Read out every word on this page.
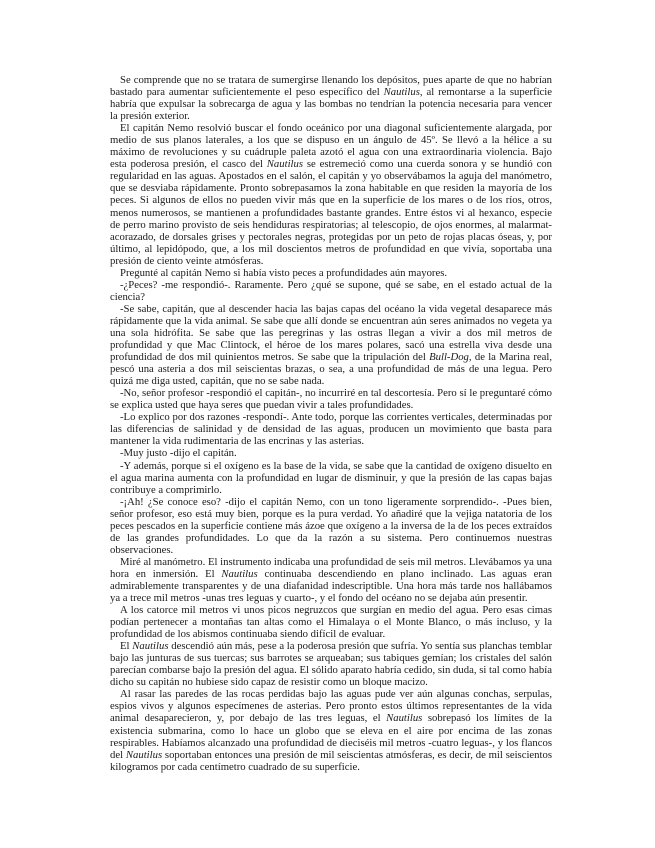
Se comprende que no se tratara de sumergirse llenando los depósitos, pues aparte de que no habrían bastado para aumentar suficientemente el peso específico del Nautilus, al remontarse a la superficie habría que expulsar la sobrecarga de agua y las bombas no tendrían la potencia necesaria para vencer la presión exterior.

El capitán Nemo resolvió buscar el fondo oceánico por una diagonal suficientemente alargada, por medio de sus planos laterales, a los que se dispuso en un ángulo de 45º. Se llevó a la hélice a su máximo de revoluciones y su cuádruple paleta azotó el agua con una extraordinaria violencia. Bajo esta poderosa presión, el casco del Nautilus se estremeció como una cuerda sonora y se hundió con regularidad en las aguas. Apostados en el salón, el capitán y yo observábamos la aguja del manómetro, que se desviaba rápidamente. Pronto sobrepasamos la zona habitable en que residen la mayoría de los peces. Si algunos de ellos no pueden vivir más que en la superficie de los mares o de los ríos, otros, menos numerosos, se mantienen a profundidades bastante grandes. Entre éstos vi al hexanco, especie de perro marino provisto de seis hendiduras respiratorias; al telescopio, de ojos enormes, al malarmat-acorazado, de dorsales grises y pectorales negras, protegidas por un peto de rojas placas óseas, y, por último, al lepidópodo, que, a los mil doscientos metros de profundidad en que vivía, soportaba una presión de ciento veinte atmósferas.

Pregunté al capitán Nemo si había visto peces a profundidades aún mayores.

-¿Peces? -me respondió-. Raramente. Pero ¿qué se supone, qué se sabe, en el estado actual de la ciencia?

-Se sabe, capitán, que al descender hacia las bajas capas del océano la vida vegetal desaparece más rápidamente que la vida animal. Se sabe que allí donde se encuentran aún seres animados no vegeta ya una sola hidrófita. Se sabe que las peregrinas y las ostras llegan a vivir a dos mil metros de profundidad y que Mac Clintock, el héroe de los mares polares, sacó una estrella viva desde una profundidad de dos mil quinientos metros. Se sabe que la tripulación del Bull-Dog, de la Marina real, pescó una asteria a dos mil seiscientas brazas, o sea, a una profundidad de más de una legua. Pero quizá me diga usted, capitán, que no se sabe nada.

-No, señor profesor -respondió el capitán-, no incurriré en tal descortesía. Pero sí le preguntaré cómo se explica usted que haya seres que puedan vivir a tales profundidades.

-Lo explico por dos razones -respondí-. Ante todo, porque las corrientes verticales, determinadas por las diferencias de salinidad y de densidad de las aguas, producen un movimiento que basta para mantener la vida rudimentaria de las encrinas y las asterias.

-Muy justo -dijo el capitán.

-Y además, porque si el oxígeno es la base de la vida, se sabe que la cantidad de oxígeno disuelto en el agua marina aumenta con la profundidad en lugar de disminuir, y que la presión de las capas bajas contribuye a comprimirlo.

-¡Ah! ¿Se conoce eso? -dijo el capitán Nemo, con un tono ligeramente sorprendido-. -Pues bien, señor profesor, eso está muy bien, porque es la pura verdad. Yo añadiré que la vejiga natatoria de los peces pescados en la superficie contiene más ázoe que oxígeno a la inversa de la de los peces extraídos de las grandes profundidades. Lo que da la razón a su sistema. Pero continuemos nuestras observaciones.

Miré al manómetro. El instrumento indicaba una profundidad de seis mil metros. Llevábamos ya una hora en inmersión. El Nautilus continuaba descendiendo en plano inclinado. Las aguas eran admirablemente transparentes y de una diafanidad indescriptible. Una hora más tarde nos hallábamos ya a trece mil metros -unas tres leguas y cuarto-, y el fondo del océano no se dejaba aún presentir.

A los catorce mil metros vi unos picos negruzcos que surgían en medio del agua. Pero esas cimas podían pertenecer a montañas tan altas como el Himalaya o el Monte Blanco, o más incluso, y la profundidad de los abismos continuaba siendo difícil de evaluar.

El Nautilus descendió aún más, pese a la poderosa presión que sufría. Yo sentía sus planchas temblar bajo las junturas de sus tuercas; sus barrotes se arqueaban; sus tabiques gemían; los cristales del salón parecían combarse bajo la presión del agua. El sólido aparato habría cedido, sin duda, si tal como había dicho su capitán no hubiese sido capaz de resistir como un bloque macizo.

Al rasar las paredes de las rocas perdidas bajo las aguas pude ver aún algunas conchas, serpulas, espios vivos y algunos especímenes de asterias. Pero pronto estos últimos representantes de la vida animal desaparecieron, y, por debajo de las tres leguas, el Nautilus sobrepasó los límites de la existencia submarina, como lo hace un globo que se eleva en el aire por encima de las zonas respirables. Habíamos alcanzado una profundidad de dieciséis mil metros -cuatro leguas-, y los flancos del Nautilus soportaban entonces una presión de mil seiscientas atmósferas, es decir, de mil seiscientos kilogramos por cada centímetro cuadrado de su superficie.
